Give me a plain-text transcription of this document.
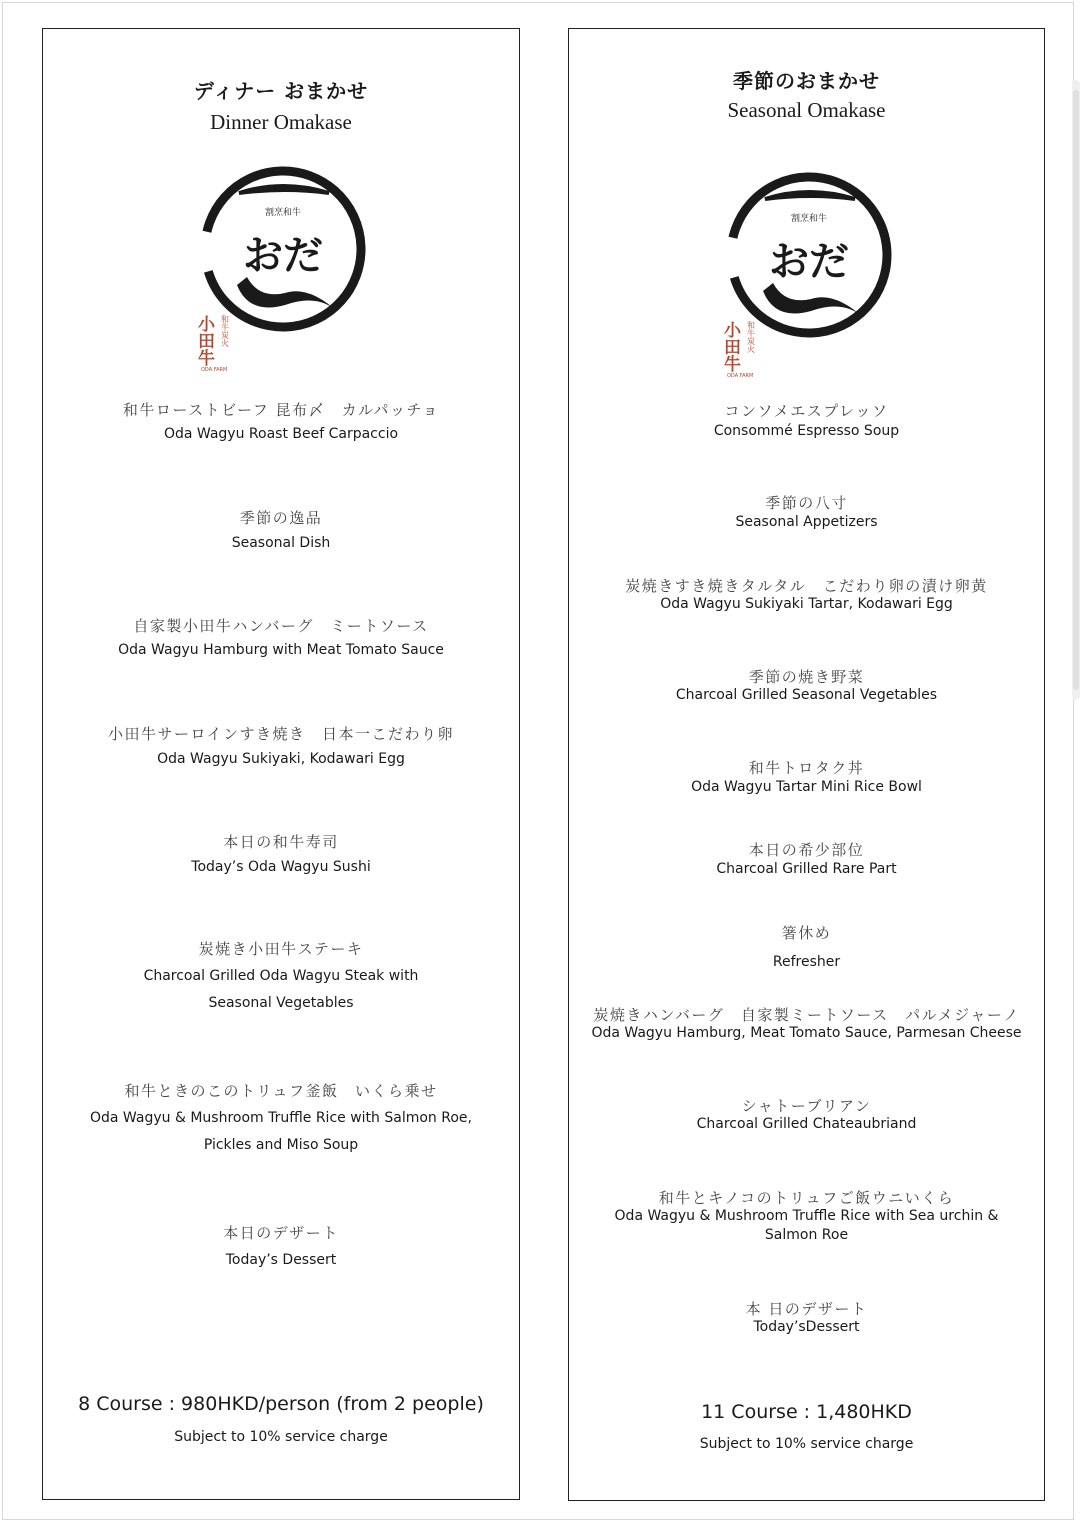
ディナー おまかせ
Dinner Omakase
割烹和牛
おだ
小田牛 和牛炭火
ODA FARM
和牛ローストビーフ 昆布〆　カルパッチョ
Oda Wagyu Roast Beef Carpaccio
季節の逸品
Seasonal Dish
自家製小田牛ハンバーグ　ミートソース
Oda Wagyu Hamburg with Meat Tomato Sauce
小田牛サーロインすき焼き　日本一こだわり卵
Oda Wagyu Sukiyaki, Kodawari Egg
本日の和牛寿司
Today’s Oda Wagyu Sushi
炭焼き小田牛ステーキ
Charcoal Grilled Oda Wagyu Steak with
Seasonal Vegetables
和牛ときのこのトリュフ釜飯　いくら乗せ
Oda Wagyu & Mushroom Truffle Rice with Salmon Roe,
Pickles and Miso Soup
本日のデザート
Today’s Dessert
8 Course : 980HKD/person (from 2 people)
Subject to 10% service charge
季節のおまかせ
Seasonal Omakase
割烹和牛
おだ
小田牛 和牛炭火
ODA FARM
コンソメエスプレッソ
Consommé Espresso Soup
季節の八寸
Seasonal Appetizers
炭焼きすき焼きタルタル　こだわり卵の漬け卵黄
Oda Wagyu Sukiyaki Tartar, Kodawari Egg
季節の焼き野菜
Charcoal Grilled Seasonal Vegetables
和牛トロタク丼
Oda Wagyu Tartar Mini Rice Bowl
本日の希少部位
Charcoal Grilled Rare Part
箸休め
Refresher
炭焼きハンバーグ　自家製ミートソース　パルメジャーノ
Oda Wagyu Hamburg, Meat Tomato Sauce, Parmesan Cheese
シャトーブリアン
Charcoal Grilled Chateaubriand
和牛とキノコのトリュフご飯ウニいくら
Oda Wagyu & Mushroom Truffle Rice with Sea urchin &
Salmon Roe
本 日のデザート
Today’sDessert
11 Course : 1,480HKD
Subject to 10% service charge
